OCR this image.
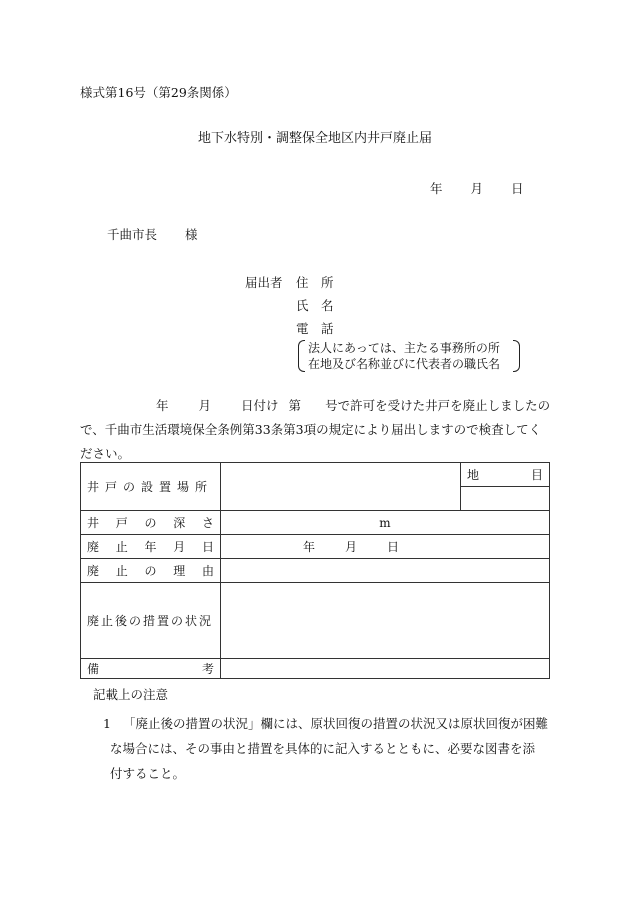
様式第16号（第29条関係）
地下水特別・調整保全地区内井戸廃止届
年 月 日
千曲市長 様
届出者 住　所
氏　名
電　話
法人にあっては、主たる事務所の所
在地及び名称並びに代表者の職氏名
年 月 日付け 第 号で許可を受けた井戸を廃止しましたの
で、千曲市生活環境保全条例第33条第3項の規定により届出しますので検査してく
ださい。
井戸の設置場所		地 目

井 戸 の 深 さ	m	

廃 止 年 月 日	年 月 日	

廃 止 の 理 由		

廃止後の措置の状況		

備 考		

記載上の注意
1 「廃止後の措置の状況」欄には、原状回復の措置の状況又は原状回復が困難
な場合には、その事由と措置を具体的に記入するとともに、必要な図書を添
付すること。
